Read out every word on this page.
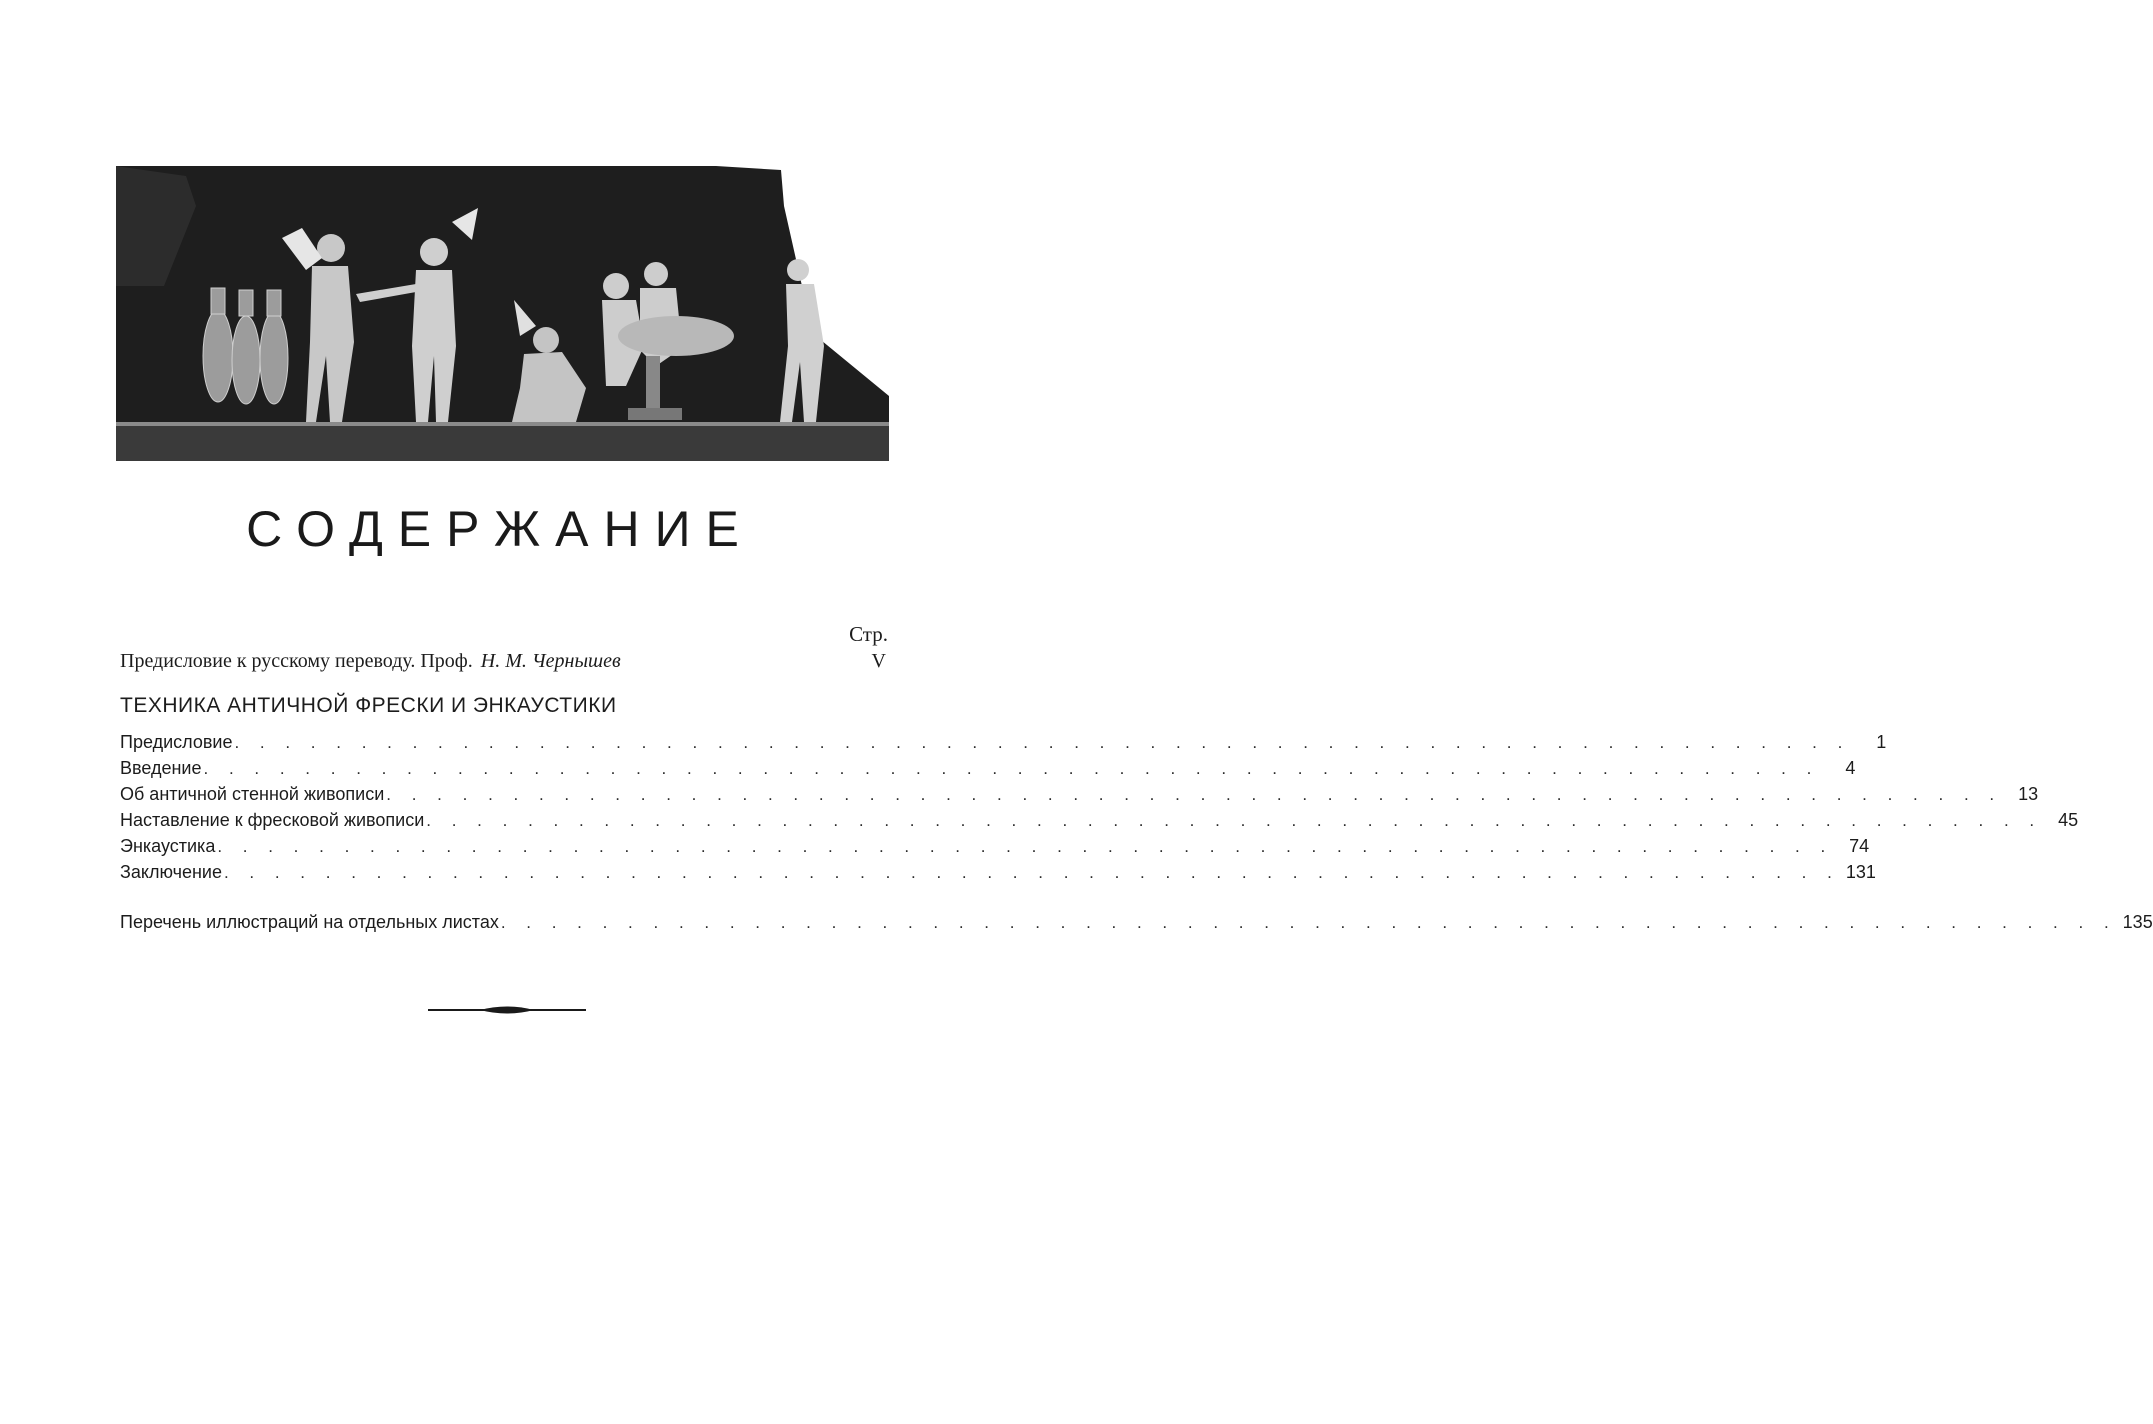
СОДЕРЖАНИЕ
Стр.
Предисловие к русскому переводу. Проф. Н. М. Чернышев	V
ТЕХНИКА АНТИЧНОЙ ФРЕСКИ И ЭНКАУСТИКИ
Предисловие . . . . . . . . . . . . . . . . . . . . . . . . . . . . . . . . . . . . . . . . . . . . . . . . . . . . . . . . . . . . . . . .	1
Введение . . . . . . . . . . . . . . . . . . . . . . . . . . . . . . . . . . . . . . . . . . . . . . . . . . . . . . . . . . . . . . . .	4
Об античной стенной живописи . . . . . . . . . . . . . . . . . . . . . . . . . . . . . . . . . . . . . . . . . . . . . . . . . . . . . . . . . . . . . . . . 13
Наставление к фресковой живописи . . . . . . . . . . . . . . . . . . . . . . . . . . . . . . . . . . . . . . . . . . . . . . . . . . . . . . . . . . . . . . . . 45
Энкаустика . . . . . . . . . . . . . . . . . . . . . . . . . . . . . . . . . . . . . . . . . . . . . . . . . . . . . . . . . . . . . . . . 74
Заключение . . . . . . . . . . . . . . . . . . . . . . . . . . . . . . . . . . . . . . . . . . . . . . . . . . . . . . . . . . . . . . . . 131
Перечень иллюстраций на отдельных листах . . . . . . . . . . . . . . . . . . . . . . . . . . . . . . . . . . . . . . . . . . . . . . . . . . . . . . . . . . . . . . . . 135
